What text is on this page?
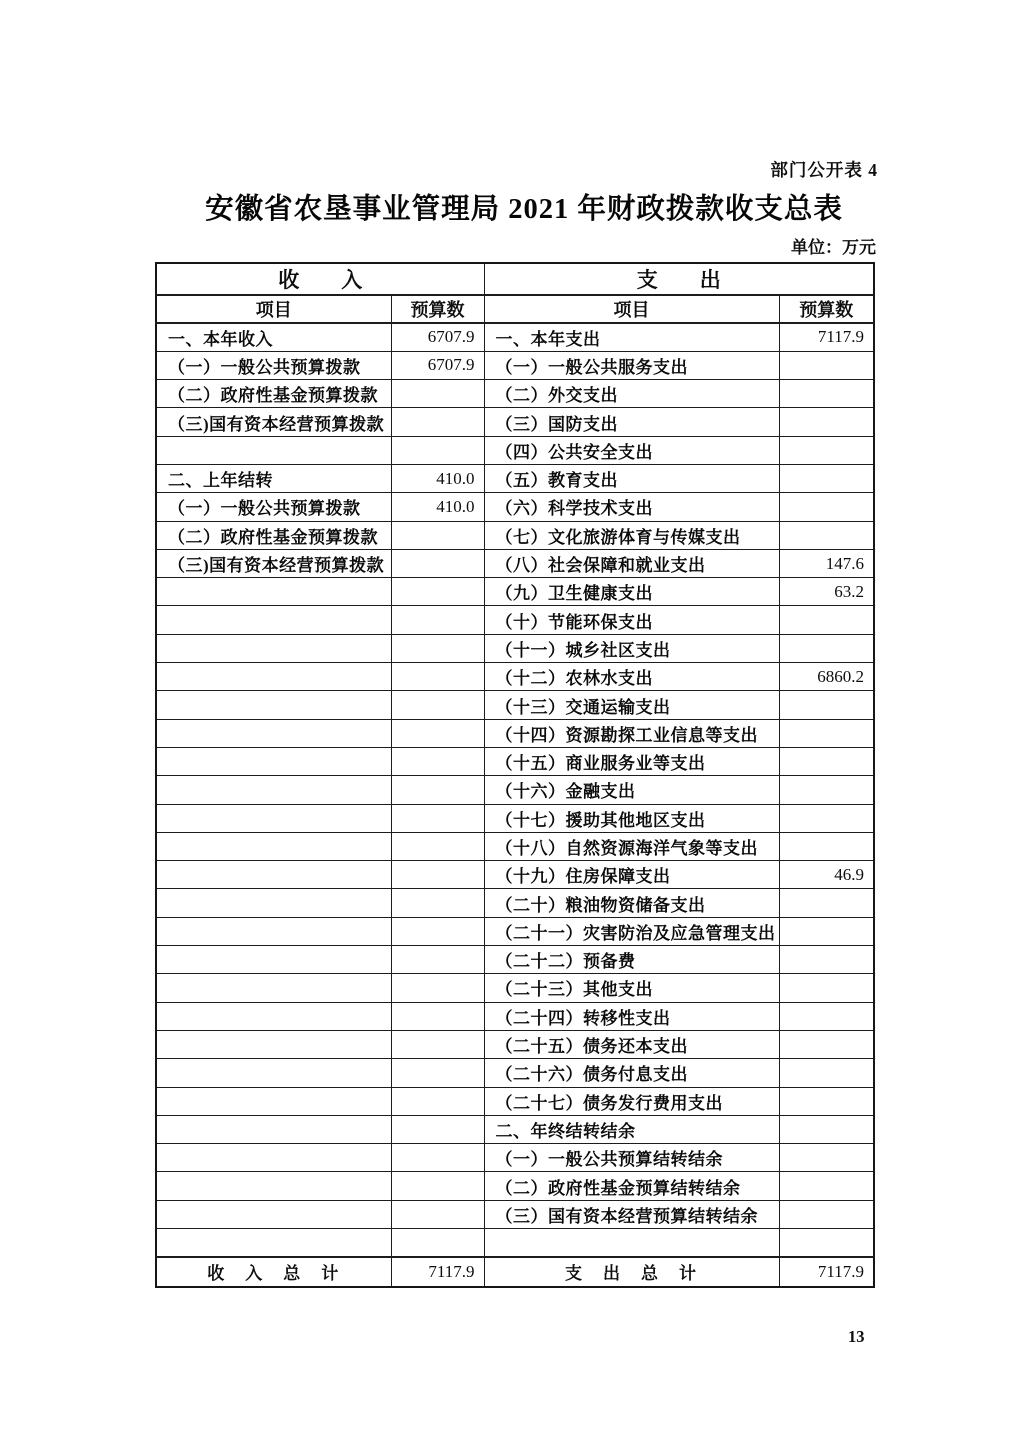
部门公开表 4
安徽省农垦事业管理局 2021 年财政拨款收支总表
单位：万元
收　　入		支　　出	
项目	预算数	项目	预算数
一、本年收入	6707.9	一、本年支出	7117.9
（一）一般公共预算拨款	6707.9	（一）一般公共服务支出	
（二）政府性基金预算拨款		（二）外交支出	
（三)国有资本经营预算拨款		（三）国防支出	
		（四）公共安全支出	
二、上年结转	410.0	（五）教育支出	
（一）一般公共预算拨款	410.0	（六）科学技术支出	
（二）政府性基金预算拨款		（七）文化旅游体育与传媒支出	
（三)国有资本经营预算拨款		（八）社会保障和就业支出	147.6
		（九）卫生健康支出	63.2
		（十）节能环保支出	
		（十一）城乡社区支出	
		（十二）农林水支出	6860.2
		（十三）交通运输支出	
		（十四）资源勘探工业信息等支出	
		（十五）商业服务业等支出	
		（十六）金融支出	
		（十七）援助其他地区支出	
		（十八）自然资源海洋气象等支出	
		（十九）住房保障支出	46.9
		（二十）粮油物资储备支出	
		（二十一）灾害防治及应急管理支出	
		（二十二）预备费	
		（二十三）其他支出	
		（二十四）转移性支出	
		（二十五）债务还本支出	
		（二十六）债务付息支出	
		（二十七）债务发行费用支出	
		二、年终结转结余	
		（一）一般公共预算结转结余	
		（二）政府性基金预算结转结余	
		（三）国有资本经营预算结转结余	

收　入　总　计	7117.9	支　出　总　计	7117.9
13
